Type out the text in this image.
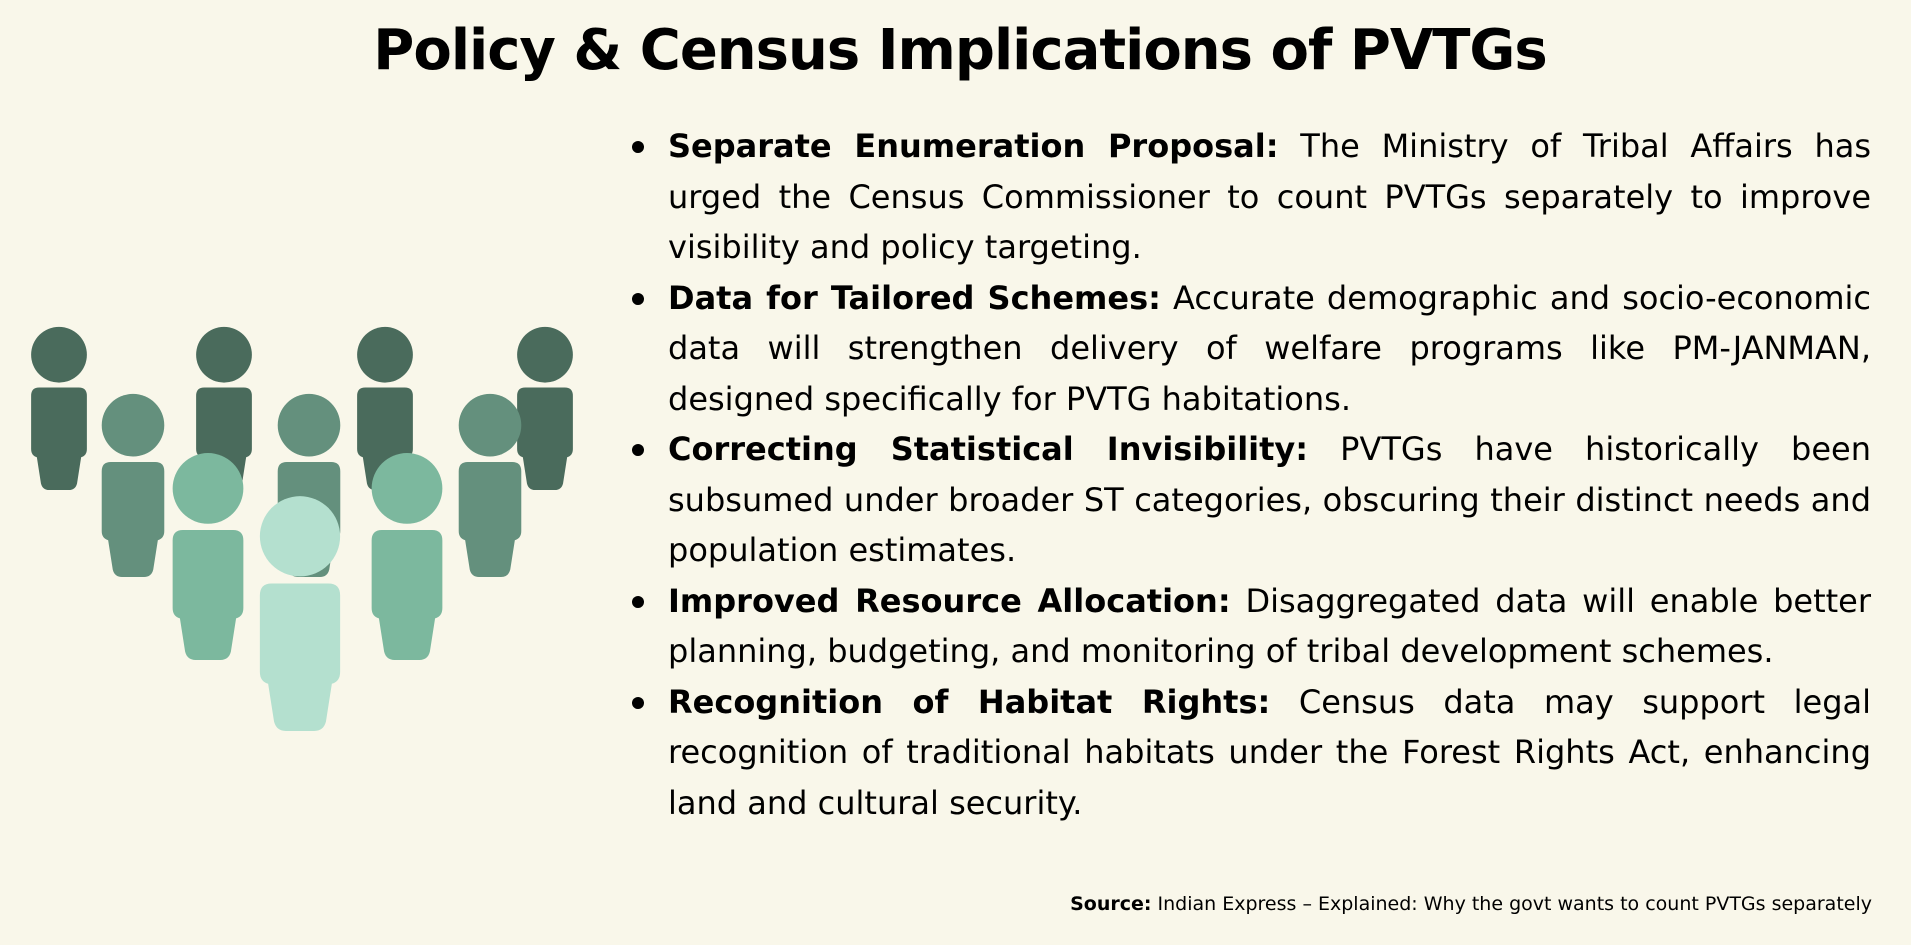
Policy & Census Implications of PVTGs
Separate Enumeration Proposal: The Ministry of Tribal Affairs has urged the Census Commissioner to count PVTGs separately to improve visibility and policy targeting.
Data for Tailored Schemes: Accurate demographic and socio-economic data will strengthen delivery of welfare programs like PM-JANMAN, designed specifically for PVTG habitations.
Correcting Statistical Invisibility: PVTGs have historically been subsumed under broader ST categories, obscuring their distinct needs and population estimates.
Improved Resource Allocation: Disaggregated data will enable better planning, budgeting, and monitoring of tribal development schemes.
Recognition of Habitat Rights: Census data may support legal recognition of traditional habitats under the Forest Rights Act, enhancing land and cultural security.
Source: Indian Express – Explained: Why the govt wants to count PVTGs separately
